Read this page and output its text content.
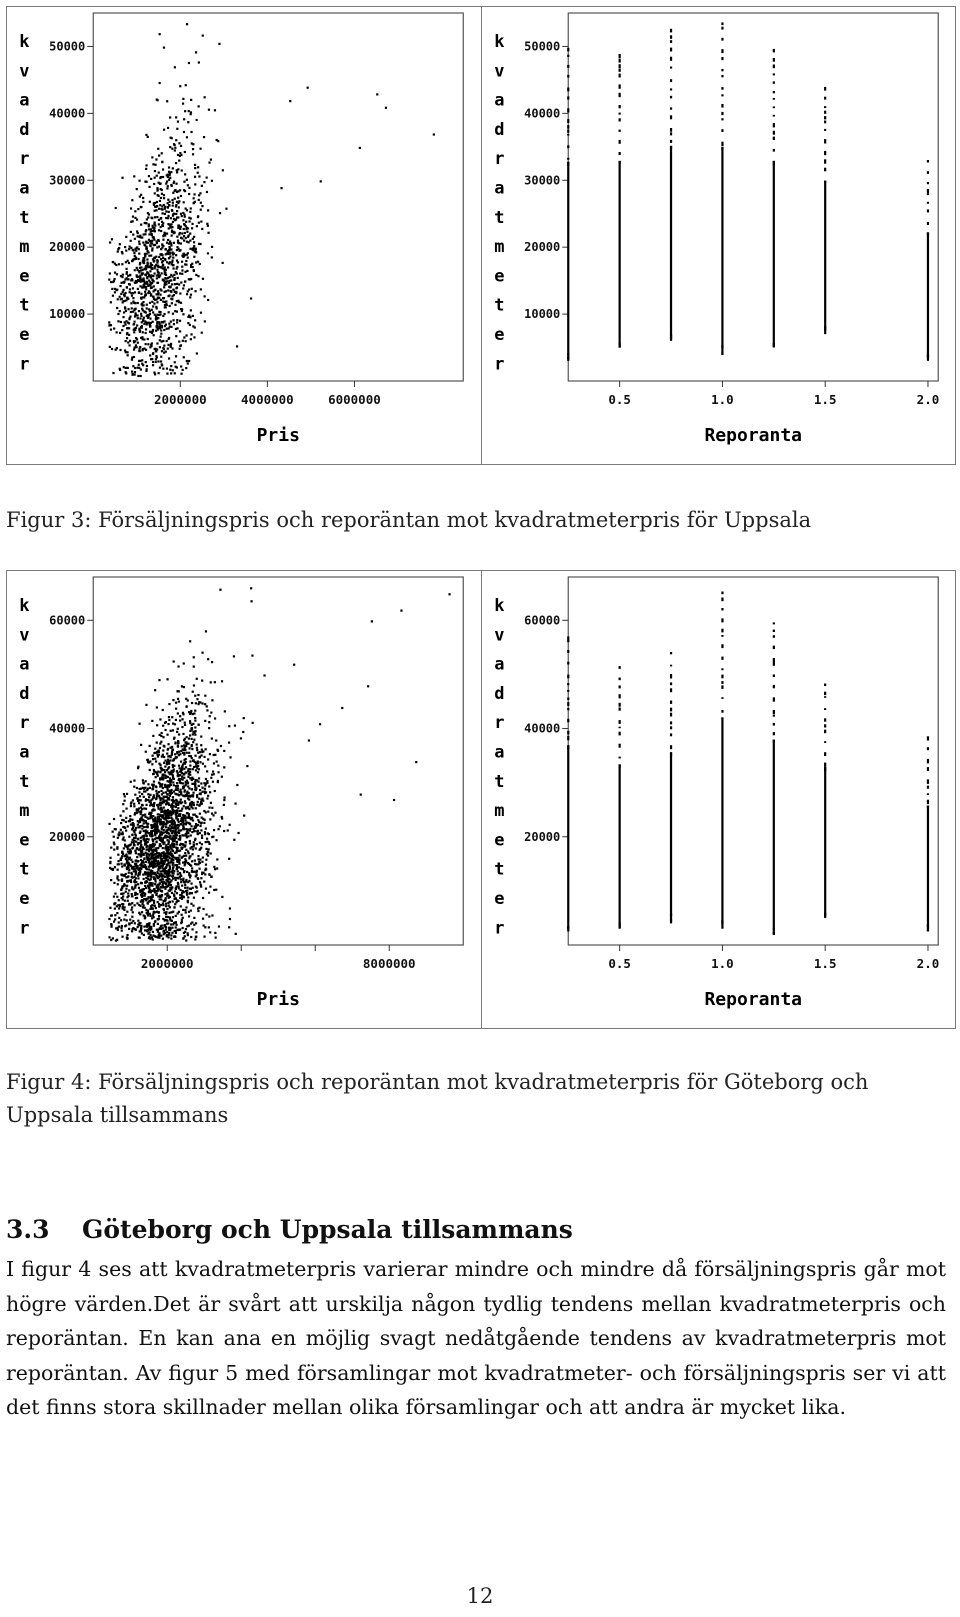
k
v
a
d
r
a
t
m
e
t
e
r
10000
20000
30000
40000
50000
2000000	4000000	6000000
Pris
k
v
a
d
r
a
t
m
e
t
e
r
10000
20000
30000
40000
50000
0.5	1.0	1.5	2.0
Reporanta
Figur 3: Försäljningspris och reporäntan mot kvadratmeterpris för Uppsala
k
v
a
d
r
a
t
m
e
t
e
r
20000
40000
60000
2000000	8000000
Pris
k
v
a
d
r
a
t
m
e
t
e
r
20000
40000
60000
0.5	1.0	1.5	2.0
Reporanta
Figur 4: Försäljningspris och reporäntan mot kvadratmeterpris för Göteborg och Uppsala tillsammans
3.3 Göteborg och Uppsala tillsammans
I figur 4 ses att kvadratmeterpris varierar mindre och mindre då försäljningspris går mot högre värden.Det är svårt att urskilja någon tydlig tendens mellan kvadratmeterpris och reporäntan. En kan ana en möjlig svagt nedåtgående tendens av kvadratmeterpris mot reporäntan. Av figur 5 med församlingar mot kvadratmeter- och försäljningspris ser vi att det finns stora skillnader mellan olika församlingar och att andra är mycket lika.
12
